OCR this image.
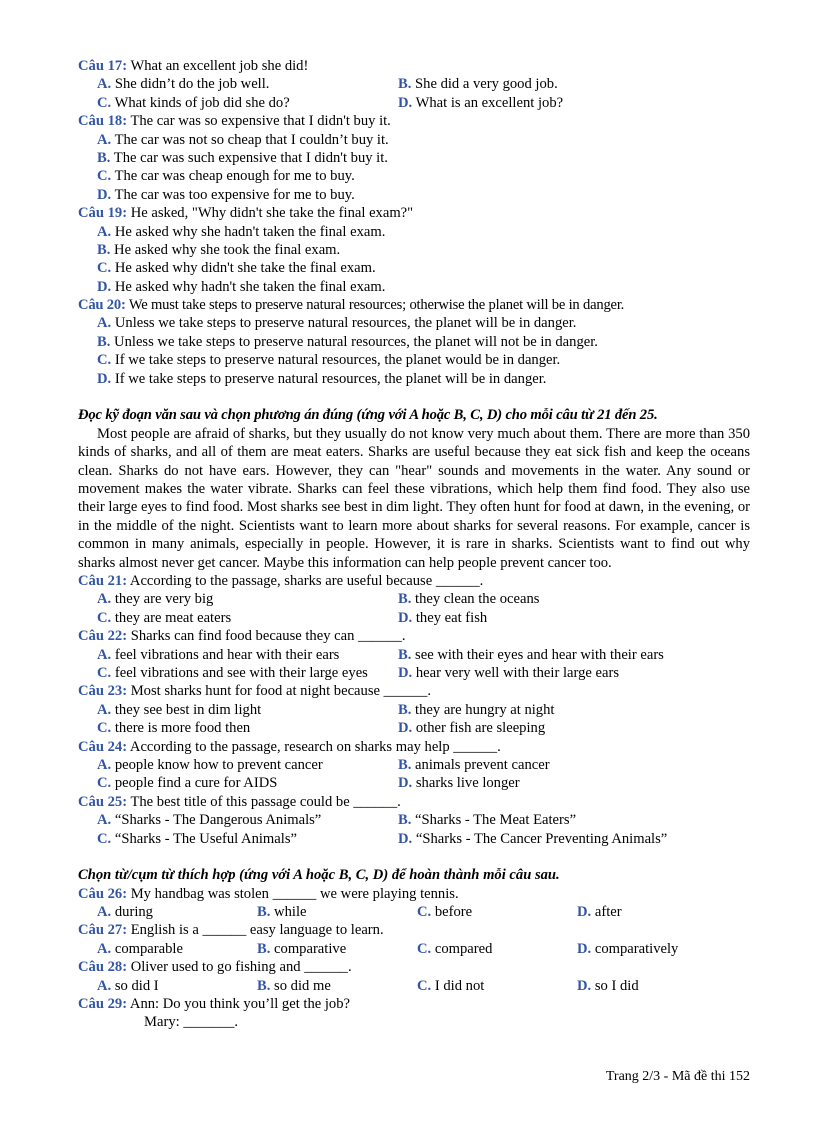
Câu 17: What an excellent job she did!
A. She didn’t do the job well.	B. She did a very good job.
C. What kinds of job did she do?	D. What is an excellent job?
Câu 18: The car was so expensive that I didn't buy it.
A. The car was not so cheap that I couldn’t buy it.
B. The car was such expensive that I didn't buy it.
C. The car was cheap enough for me to buy.
D. The car was too expensive for me to buy.
Câu 19: He asked, "Why didn't she take the final exam?"
A. He asked why she hadn't taken the final exam.
B. He asked why she took the final exam.
C. He asked why didn't she take the final exam.
D. He asked why hadn't she taken the final exam.
Câu 20: We must take steps to preserve natural resources; otherwise the planet will be in danger.
A. Unless we take steps to preserve natural resources, the planet will be in danger.
B. Unless we take steps to preserve natural resources, the planet will not be in danger.
C. If we take steps to preserve natural resources, the planet would be in danger.
D. If we take steps to preserve natural resources, the planet will be in danger.
Đọc kỹ đoạn văn sau và chọn phương án đúng (ứng với A hoặc B, C, D) cho mỗi câu từ 21 đến 25.
Most people are afraid of sharks, but they usually do not know very much about them. There are more than 350 kinds of sharks, and all of them are meat eaters. Sharks are useful because they eat sick fish and keep the oceans clean. Sharks do not have ears. However, they can "hear" sounds and movements in the water. Any sound or movement makes the water vibrate. Sharks can feel these vibrations, which help them find food. They also use their large eyes to find food. Most sharks see best in dim light. They often hunt for food at dawn, in the evening, or in the middle of the night. Scientists want to learn more about sharks for several reasons. For example, cancer is common in many animals, especially in people. However, it is rare in sharks. Scientists want to find out why sharks almost never get cancer. Maybe this information can help people prevent cancer too.
Câu 21: According to the passage, sharks are useful because ______.
A. they are very big	B. they clean the oceans
C. they are meat eaters	D. they eat fish
Câu 22: Sharks can find food because they can ______.
A. feel vibrations and hear with their ears	B. see with their eyes and hear with their ears
C. feel vibrations and see with their large eyes	D. hear very well with their large ears
Câu 23: Most sharks hunt for food at night because ______.
A. they see best in dim light	B. they are hungry at night
C. there is more food then	D. other fish are sleeping
Câu 24: According to the passage, research on sharks may help ______.
A. people know how to prevent cancer	B. animals prevent cancer
C. people find a cure for AIDS	D. sharks live longer
Câu 25: The best title of this passage could be ______.
A. “Sharks - The Dangerous Animals”	B. “Sharks - The Meat Eaters”
C. “Sharks - The Useful Animals”	D. “Sharks - The Cancer Preventing Animals”
Chọn từ/cụm từ thích hợp (ứng với A hoặc B, C, D) để hoàn thành mỗi câu sau.
Câu 26: My handbag was stolen ______ we were playing tennis.
A. during	B. while	C. before	D. after
Câu 27: English is a ______ easy language to learn.
A. comparable	B. comparative	C. compared	D. comparatively
Câu 28: Oliver used to go fishing and ______.
A. so did I	B. so did me	C. I did not	D. so I did
Câu 29: Ann: Do you think you’ll get the job?
Mary: _______.
Trang 2/3 - Mã đề thi 152
